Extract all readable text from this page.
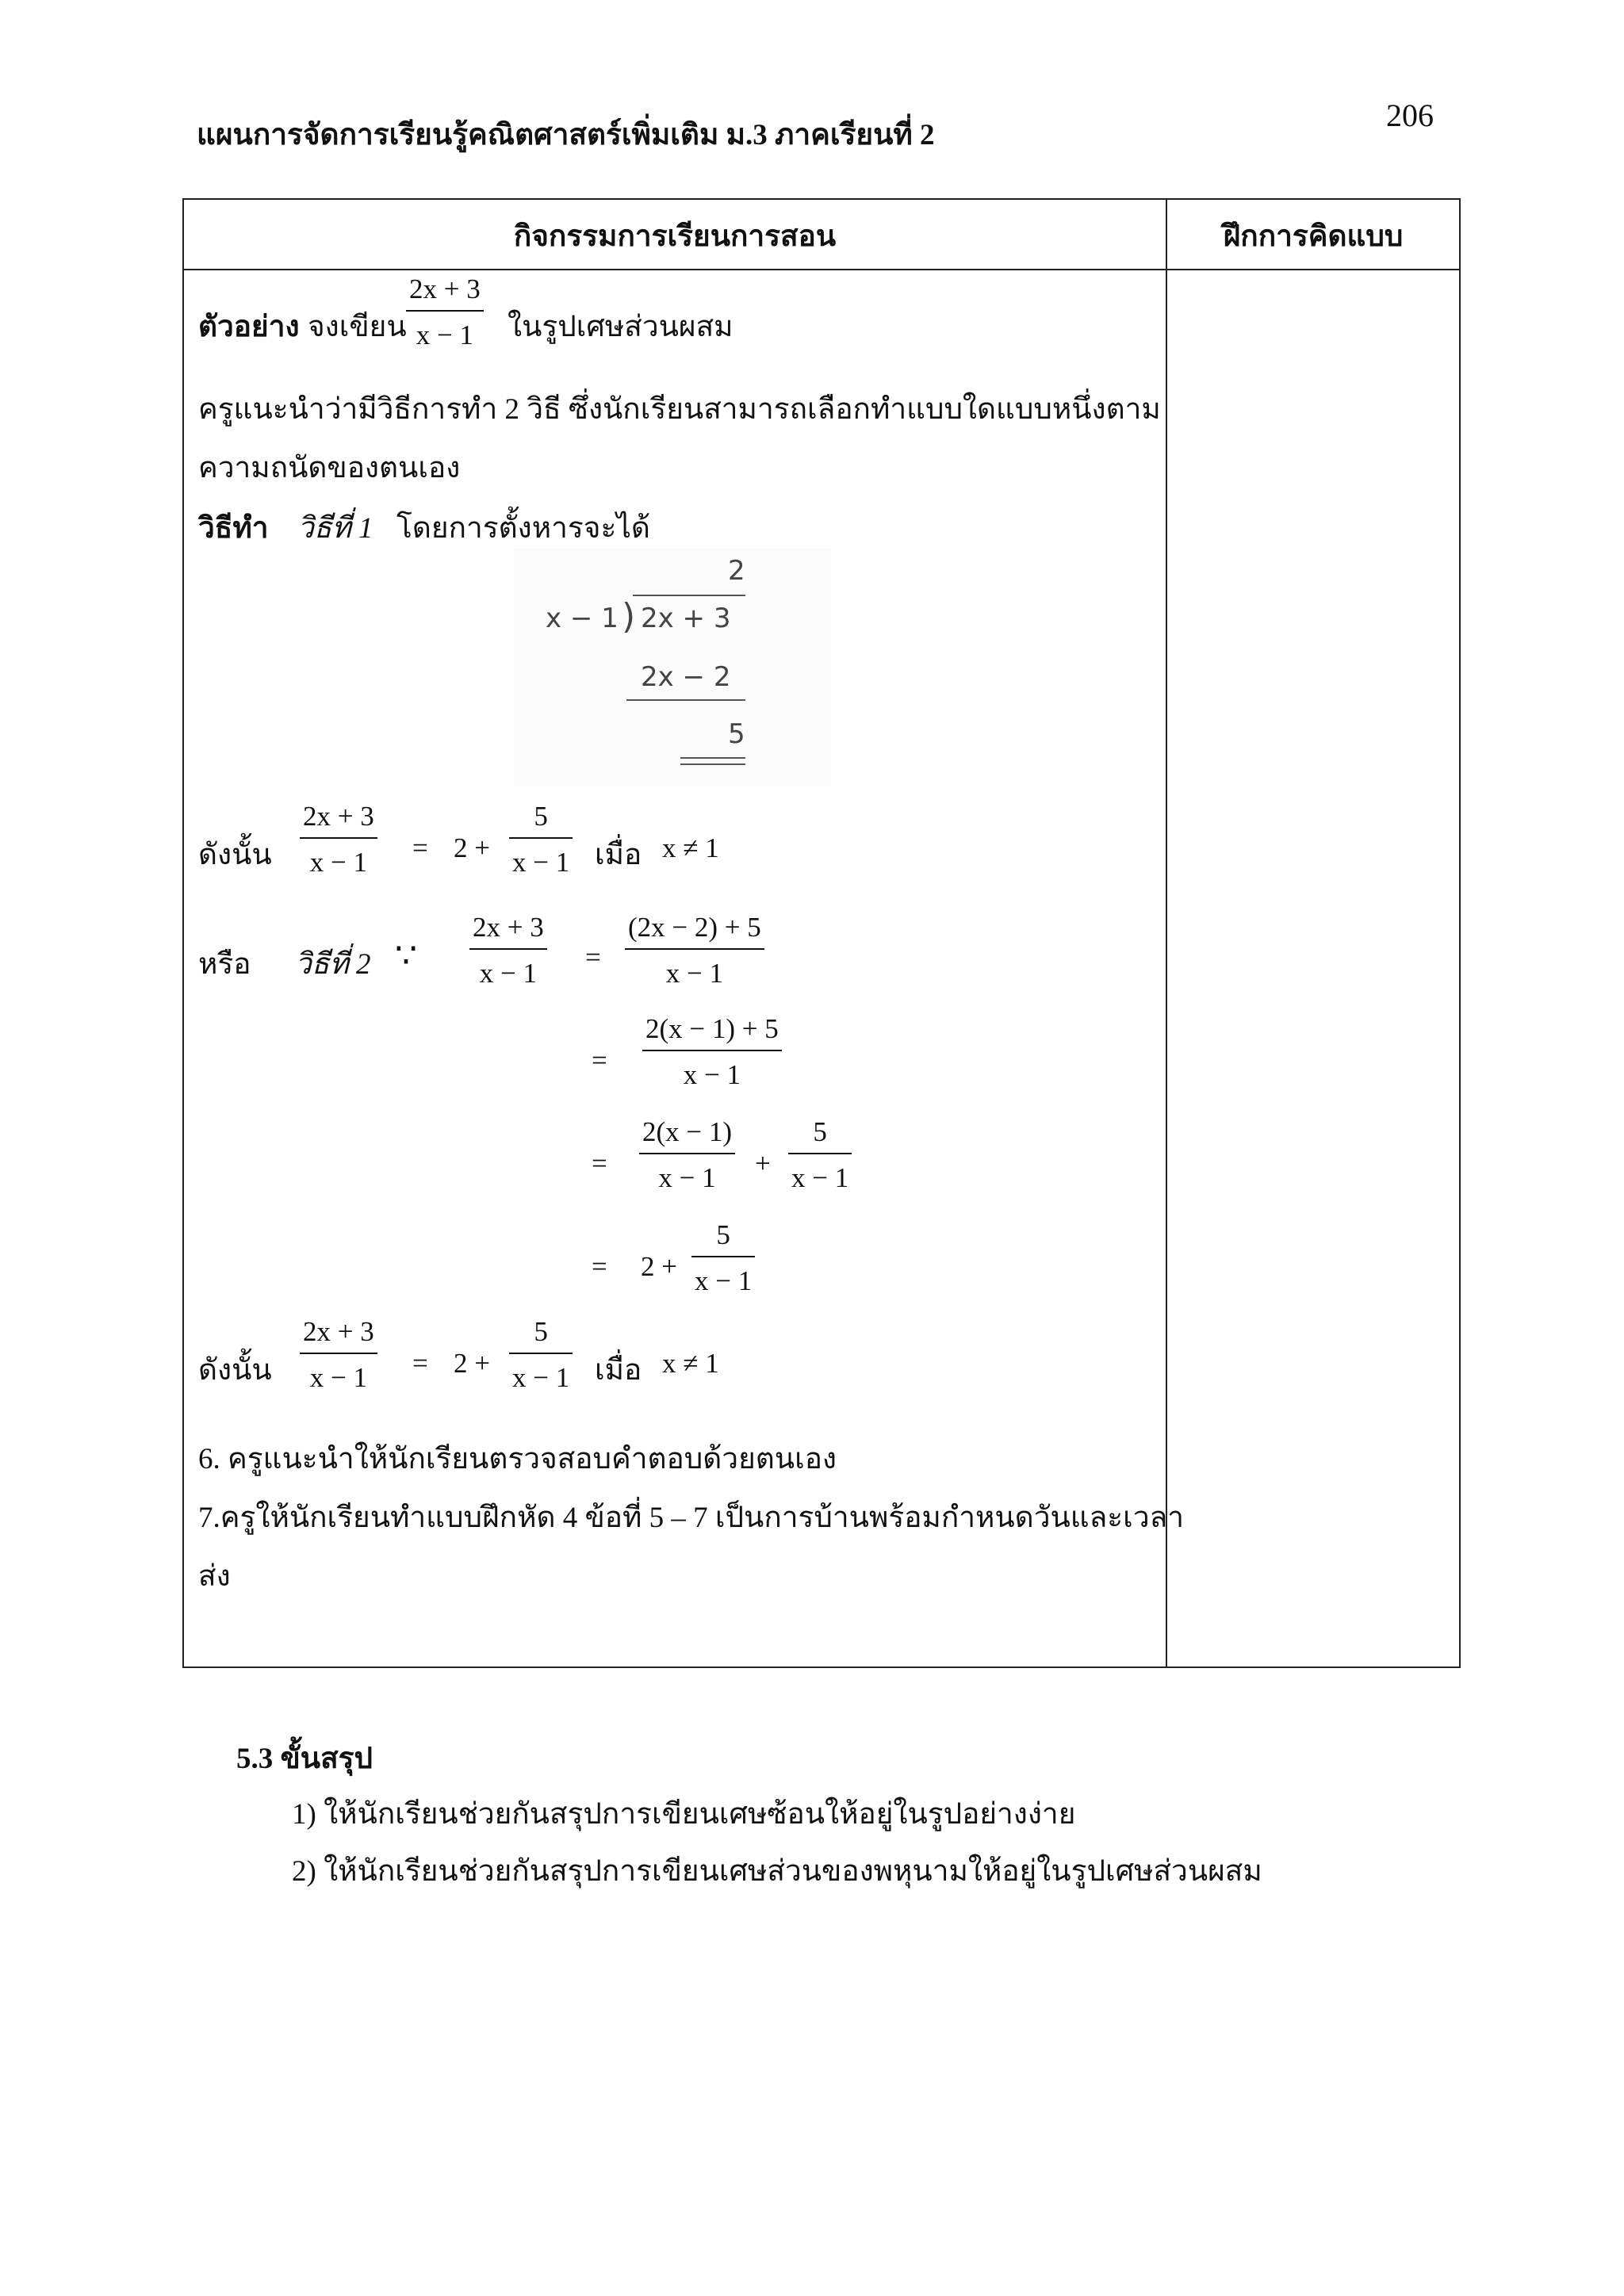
206
แผนการจัดการเรียนรู้คณิตศาสตร์เพิ่มเติม ม.3 ภาคเรียนที่ 2
กิจกรรมการเรียนการสอน	ฝึกการคิดแบบ
ตัวอย่าง จงเขียน
2x + 3
x − 1 ในรูปเศษส่วนผสม
ครูแนะนำว่ามีวิธีการทำ 2 วิธี ซึ่งนักเรียนสามารถเลือกทำแบบใดแบบหนึ่งตาม
ความถนัดของตนเอง
วิธีทำ วิธีที่ 1 โดยการตั้งหารจะได้
2
x − 1 ) 2x + 3
2x − 2
5
ดังนั้น
2x + 3
x − 1 = 2 +
5
x − 1 เมื่อ x ≠ 1
หรือ วิธีที่ 2 ∵
2x + 3
x − 1
=
(2x − 2) + 5
x − 1
=
2(x − 1) + 5
x − 1
=
2(x − 1)
x − 1 +
5
x − 1
= 2 +
5
x − 1
ดังนั้น
2x + 3
x − 1 = 2 +
5
x − 1 เมื่อ x ≠ 1
6. ครูแนะนำให้นักเรียนตรวจสอบคำตอบด้วยตนเอง
7.ครูให้นักเรียนทำแบบฝึกหัด 4 ข้อที่ 5 – 7 เป็นการบ้านพร้อมกำหนดวันและเวลา
ส่ง
5.3 ขั้นสรุป
1) ให้นักเรียนช่วยกันสรุปการเขียนเศษซ้อนให้อยู่ในรูปอย่างง่าย
2) ให้นักเรียนช่วยกันสรุปการเขียนเศษส่วนของพหุนามให้อยู่ในรูปเศษส่วนผสม
